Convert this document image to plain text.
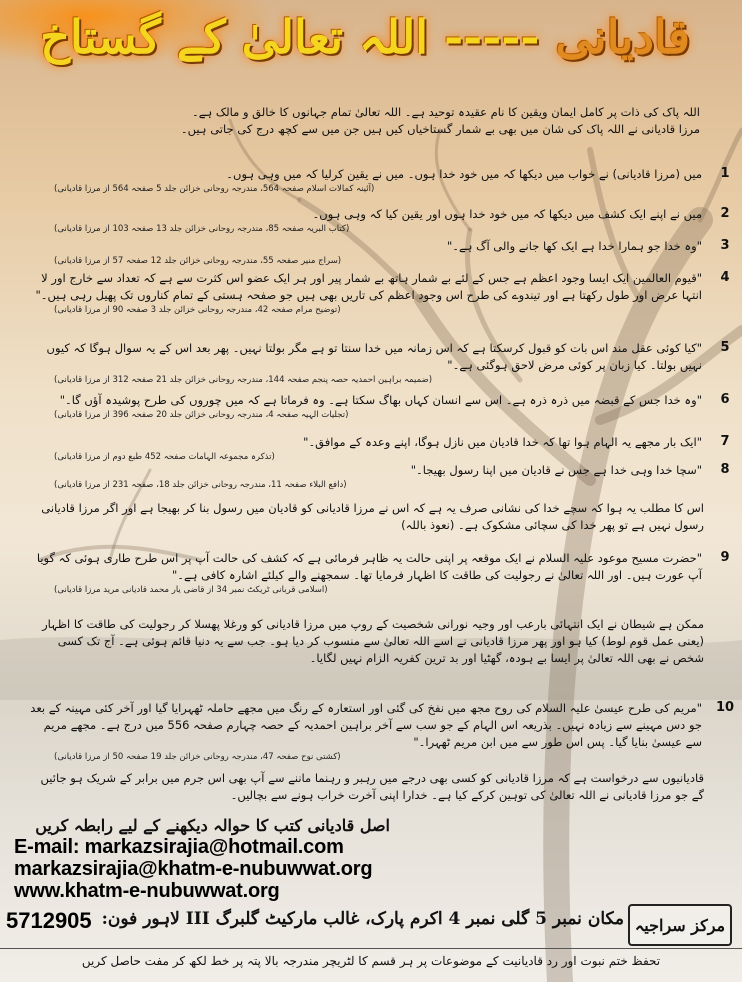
قادیانی ----- اللہ تعالیٰ کے گستاخ
اللہ پاک کی ذات پر کامل ایمان ویقین کا نام عقیدہ توحید ہے۔ اللہ تعالیٰ تمام جہانوں کا خالق و مالک ہے۔
مرزا قادیانی نے اللہ پاک کی شان میں بھی بے شمار گستاخیاں کیں ہیں جن میں سے کچھ درج کی جاتی ہیں۔
1
میں (مرزا قادیانی) نے خواب میں دیکھا کہ میں خود خدا ہوں۔ میں نے یقین کرلیا کہ میں وہی ہوں۔
(آئینہ کمالات اسلام صفحہ 564، مندرجہ روحانی خزائن جلد 5 صفحہ 564 از مرزا قادیانی)
2
میں نے اپنے ایک کشف میں دیکھا کہ میں خود خدا ہوں اور یقین کیا کہ وہی ہوں۔
(کتاب البریہ صفحہ 85، مندرجہ روحانی خزائن جلد 13 صفحہ 103 از مرزا قادیانی)
3
"وہ خدا جو ہمارا خدا ہے ایک کھا جانے والی آگ ہے۔"
(سراج منیر صفحہ 55، مندرجہ روحانی خزائن جلد 12 صفحہ 57 از مرزا قادیانی)
4
"قیوم العالمین ایک ایسا وجود اعظم ہے جس کے لئے بے شمار ہاتھ بے شمار پیر اور ہر ایک عضو اس کثرت سے ہے کہ تعداد سے خارج اور لا انتہا عرض اور طول رکھتا ہے اور تیندوے کی طرح اس وجود اعظم کی تاریں بھی ہیں جو صفحہ ہستی کے تمام کناروں تک پھیل رہی ہیں۔"
(توضیح مرام صفحہ 42، مندرجہ روحانی خزائن جلد 3 صفحہ 90 از مرزا قادیانی)
5
"کیا کوئی عقل مند اس بات کو قبول کرسکتا ہے کہ اس زمانہ میں خدا سنتا تو ہے مگر بولتا نہیں۔ پھر بعد اس کے یہ سوال ہوگا کہ کیوں نہیں بولتا۔ کیا زبان پر کوئی مرض لاحق ہوگئی ہے۔"
(ضمیمہ براہین احمدیہ حصہ پنجم صفحہ 144، مندرجہ روحانی خزائن جلد 21 صفحہ 312 از مرزا قادیانی)
6
"وہ خدا جس کے قبضہ میں ذرہ ذرہ ہے۔ اس سے انسان کہاں بھاگ سکتا ہے۔ وہ فرماتا ہے کہ میں چوروں کی طرح پوشیدہ آؤں گا۔"
(تجلیات الہیہ صفحہ 4، مندرجہ روحانی خزائن جلد 20 صفحہ 396 از مرزا قادیانی)
7
"ایک بار مجھے یہ الہام ہوا تھا کہ خدا قادیان میں نازل ہوگا، اپنے وعدہ کے موافق۔"
(تذکرہ مجموعہ الہامات صفحہ 452 طبع دوم از مرزا قادیانی)
8
"سچا خدا وہی خدا ہے جس نے قادیان میں اپنا رسول بھیجا۔"
(دافع البلاء صفحہ 11، مندرجہ روحانی خزائن جلد 18، صفحہ 231 از مرزا قادیانی)
اس کا مطلب یہ ہوا کہ سچے خدا کی نشانی صرف یہ ہے کہ اس نے مرزا قادیانی کو قادیان میں رسول بنا کر بھیجا ہے اور اگر مرزا قادیانی رسول نہیں ہے تو پھر خدا کی سچائی مشکوک ہے۔ (نعوذ باللہ)
9
"حضرت مسیح موعود علیہ السلام نے ایک موقعہ پر اپنی حالت یہ ظاہر فرمائی ہے کہ کشف کی حالت آپ پر اس طرح طاری ہوئی کہ گویا آپ عورت ہیں۔ اور اللہ تعالیٰ نے رجولیت کی طاقت کا اظہار فرمایا تھا۔ سمجھنے والے کیلئے اشارہ کافی ہے۔"
(اسلامی قربانی ٹریکٹ نمبر 34 از قاضی یار محمد قادیانی مرید مرزا قادیانی)
ممکن ہے شیطان نے ایک انتہائی بارعب اور وجیہ نورانی شخصیت کے روپ میں مرزا قادیانی کو ورغلا پھسلا کر رجولیت کی طاقت کا اظہار (یعنی عمل قوم لوط) کیا ہو اور پھر مرزا قادیانی نے اسے اللہ تعالیٰ سے منسوب کر دیا ہو۔ جب سے یہ دنیا قائم ہوئی ہے۔ آج تک کسی شخص نے بھی اللہ تعالیٰ پر ایسا بے ہودہ، گھٹیا اور بد ترین کفریہ الزام نہیں لگایا۔
10
"مریم کی طرح عیسیٰ علیہ السلام کی روح مجھ میں نفخ کی گئی اور استعارہ کے رنگ میں مجھے حاملہ ٹھہرایا گیا اور آخر کئی مہینہ کے بعد جو دس مہینے سے زیادہ نہیں۔ بذریعہ اس الہام کے جو سب سے آخر براہین احمدیہ کے حصہ چہارم صفحہ 556 میں درج ہے۔ مجھے مریم سے عیسیٰ بنایا گیا۔ پس اس طور سے میں ابن مریم ٹھہرا۔"
(کشتی نوح صفحہ 47، مندرجہ روحانی خزائن جلد 19 صفحہ 50 از مرزا قادیانی)
قادیانیوں سے درخواست ہے کہ مرزا قادیانی کو کسی بھی درجے میں رہبر و رہنما ماننے سے آپ بھی اس جرم میں برابر کے شریک ہو جائیں گے جو مرزا قادیانی نے اللہ تعالیٰ کی توہین کرکے کیا ہے۔ خدارا اپنی آخرت خراب ہونے سے بچالیں۔
اصل قادیانی کتب کا حوالہ دیکھنے کے لیے رابطہ کریں
E-mail: markazsirajia@hotmail.com
markazsirajia@khatm-e-nubuwwat.org
www.khatm-e-nubuwwat.org
مرکز سراجیہ
مکان نمبر 5 گلی نمبر 4 اکرم پارک، غالب مارکیٹ گلبرگ III لاہور فون:
5712905
تحفظ ختم نبوت اور رد قادیانیت کے موضوعات پر ہر قسم کا لٹریچر مندرجہ بالا پتہ پر خط لکھ کر مفت حاصل کریں
